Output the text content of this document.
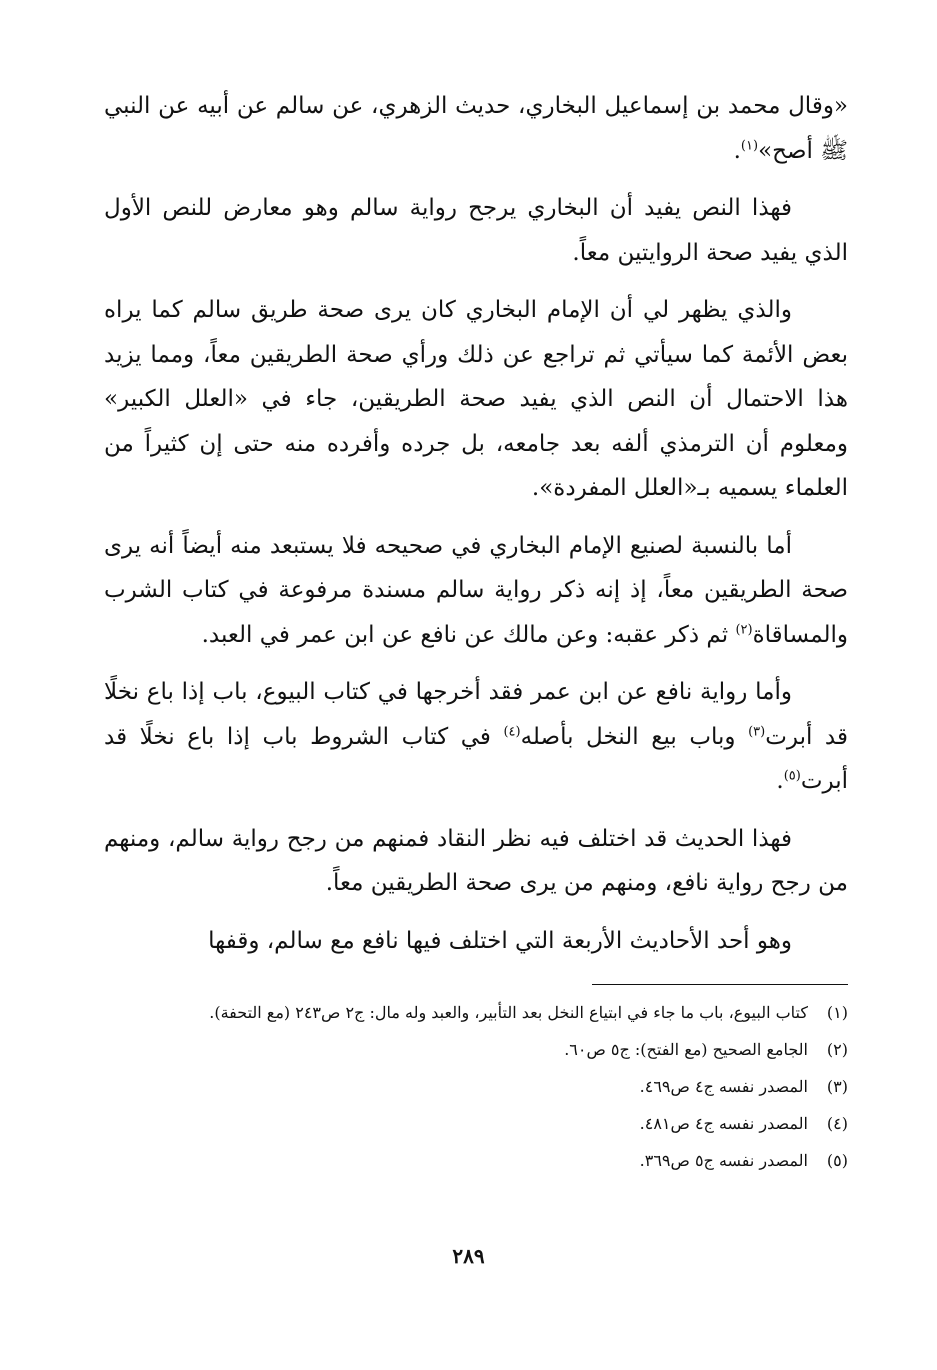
«وقال محمد بن إسماعيل البخاري، حديث الزهري، عن سالم عن أبيه عن النبي ﷺ أصح»$^{(١)}$.

فهذا النص يفيد أن البخاري يرجح رواية سالم وهو معارض للنص الأول الذي يفيد صحة الروايتين معاً.

والذي يظهر لي أن الإمام البخاري كان يرى صحة طريق سالم كما يراه بعض الأئمة كما سيأتي ثم تراجع عن ذلك ورأي صحة الطريقين معاً، ومما يزيد هذا الاحتمال أن النص الذي يفيد صحة الطريقين، جاء في «العلل الكبير» ومعلوم أن الترمذي ألفه بعد جامعه، بل جرده وأفرده منه حتى إن كثيراً من العلماء يسميه بـ«العلل المفردة».

أما بالنسبة لصنيع الإمام البخاري في صحيحه فلا يستبعد منه أيضاً أنه يرى صحة الطريقين معاً، إذ إنه ذكر رواية سالم مسندة مرفوعة في كتاب الشرب والمساقاة$^{(٢)}$ ثم ذكر عقبه: وعن مالك عن نافع عن ابن عمر في العبد.

وأما رواية نافع عن ابن عمر فقد أخرجها في كتاب البيوع، باب إذا باع نخلًا قد أبرت$^{(٣)}$ وباب بيع النخل بأصله$^{(٤)}$ في كتاب الشروط باب إذا باع نخلًا قد أبرت$^{(٥)}$.

فهذا الحديث قد اختلف فيه نظر النقاد فمنهم من رجح رواية سالم، ومنهم من رجح رواية نافع، ومنهم من يرى صحة الطريقين معاً.

وهو أحد الأحاديث الأربعة التي اختلف فيها نافع مع سالم، وقفها

(١)
كتاب البيوع، باب ما جاء في ابتياع النخل بعد التأبير، والعبد وله مال: ج٢ ص٢٤٣ (مع التحفة).
(٢)
الجامع الصحيح (مع الفتح): ج٥ ص٦٠.
(٣)
المصدر نفسه ج٤ ص٤٦٩.
(٤)
المصدر نفسه ج٤ ص٤٨١.
(٥)
المصدر نفسه ج٥ ص٣٦٩.
٢٨٩
